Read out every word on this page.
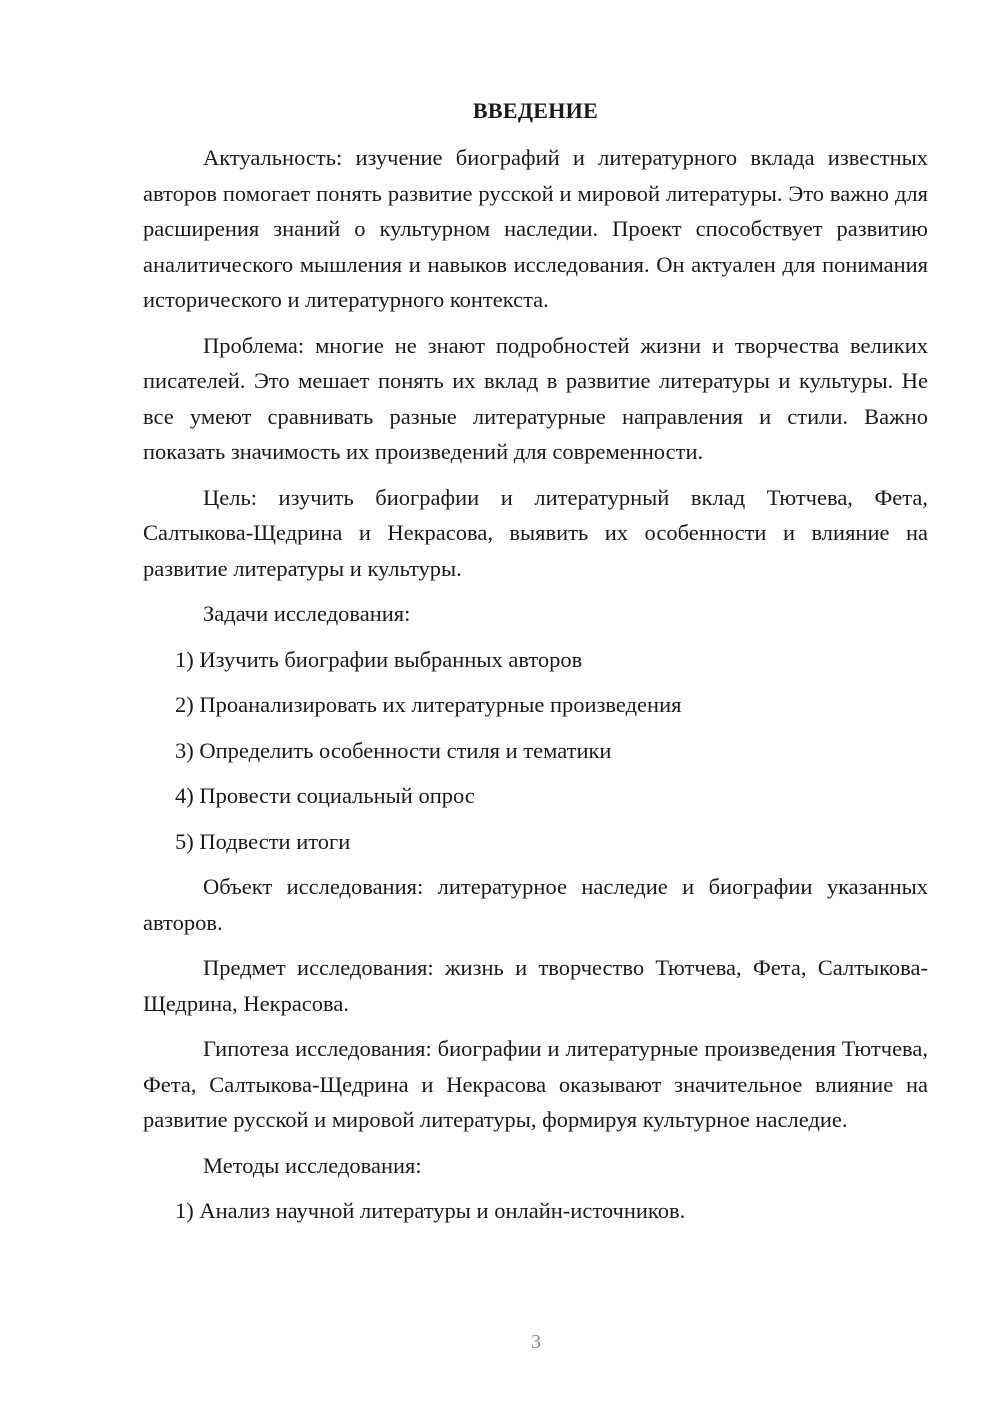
ВВЕДЕНИЕ

Актуальность: изучение биографий и литературного вклада известных авторов помогает понять развитие русской и мировой литературы. Это важно для расширения знаний о культурном наследии. Проект способствует развитию аналитического мышления и навыков исследования. Он актуален для понимания исторического и литературного контекста.

Проблема: многие не знают подробностей жизни и творчества великих писателей. Это мешает понять их вклад в развитие литературы и культуры. Не все умеют сравнивать разные литературные направления и стили. Важно показать значимость их произведений для современности.

Цель: изучить биографии и литературный вклад Тютчева, Фета, Салтыкова-Щедрина и Некрасова, выявить их особенности и влияние на развитие литературы и культуры.

Задачи исследования:

1) Изучить биографии выбранных авторов
2) Проанализировать их литературные произведения
3) Определить особенности стиля и тематики
4) Провести социальный опрос
5) Подвести итоги

Объект исследования: литературное наследие и биографии указанных авторов.

Предмет исследования: жизнь и творчество Тютчева, Фета, Салтыкова-Щедрина, Некрасова.

Гипотеза исследования: биографии и литературные произведения Тютчева, Фета, Салтыкова-Щедрина и Некрасова оказывают значительное влияние на развитие русской и мировой литературы, формируя культурное наследие.

Методы исследования:

1) Анализ научной литературы и онлайн-источников.
3
